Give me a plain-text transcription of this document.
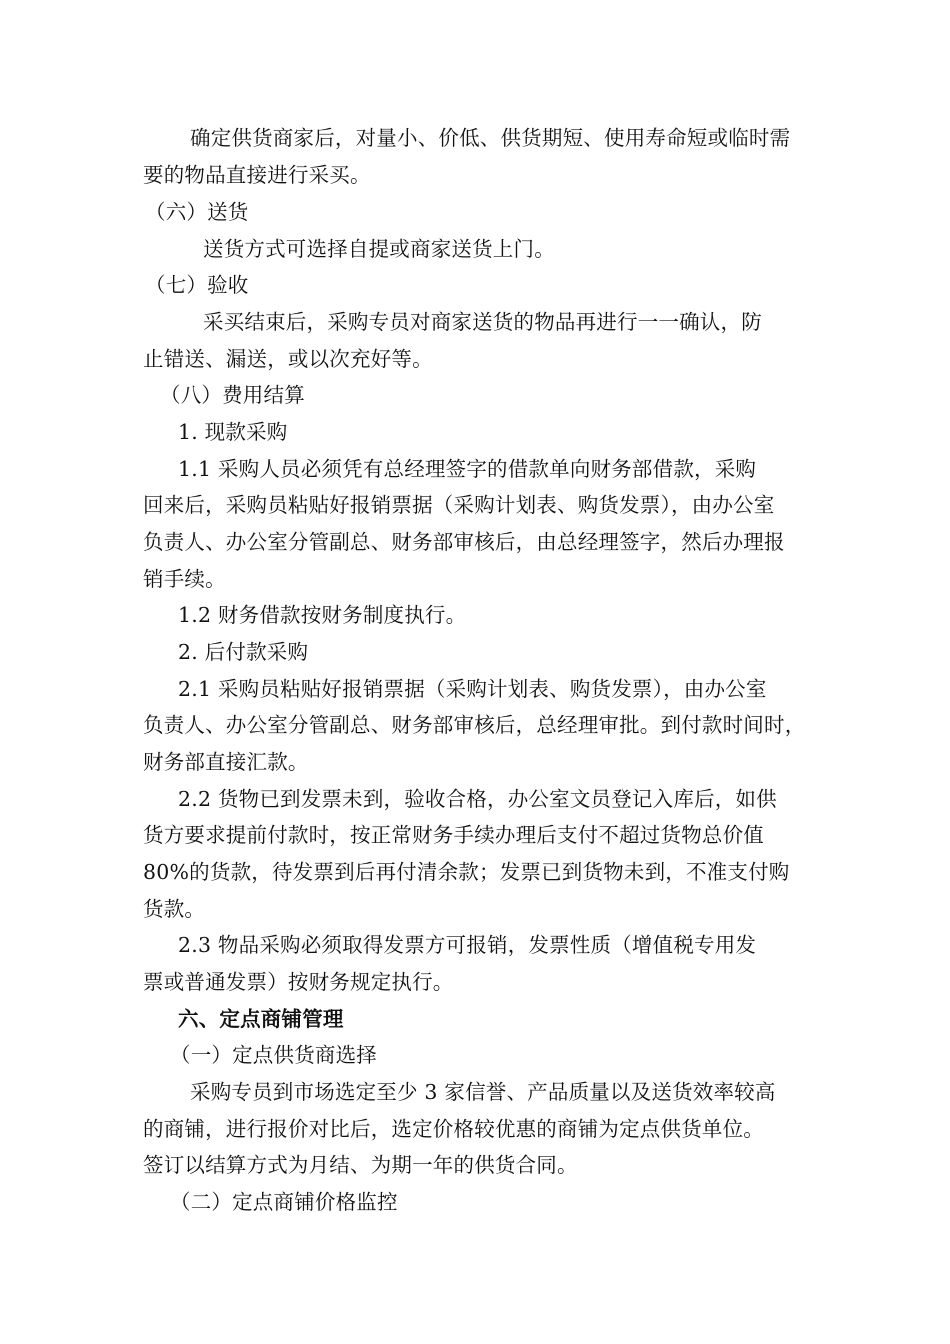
确定供货商家后，对量小、价低、供货期短、使用寿命短或临时需
要的物品直接进行采买。
（六）送货
送货方式可选择自提或商家送货上门。
（七）验收
采买结束后，采购专员对商家送货的物品再进行一一确认，防
止错送、漏送，或以次充好等。
（八）费用结算
1. 现款采购
1.1 采购人员必须凭有总经理签字的借款单向财务部借款，采购
回来后，采购员粘贴好报销票据（采购计划表、购货发票），由办公室
负责人、办公室分管副总、财务部审核后，由总经理签字，然后办理报
销手续。
1.2 财务借款按财务制度执行。
2. 后付款采购
2.1 采购员粘贴好报销票据（采购计划表、购货发票），由办公室
负责人、办公室分管副总、财务部审核后，总经理审批。到付款时间时，
财务部直接汇款。
2.2 货物已到发票未到，验收合格，办公室文员登记入库后，如供
货方要求提前付款时，按正常财务手续办理后支付不超过货物总价值
80%的货款，待发票到后再付清余款；发票已到货物未到，不准支付购
货款。
2.3 物品采购必须取得发票方可报销，发票性质（增值税专用发
票或普通发票）按财务规定执行。
六、定点商铺管理
（一）定点供货商选择
采购专员到市场选定至少 3 家信誉、产品质量以及送货效率较高
的商铺，进行报价对比后，选定价格较优惠的商铺为定点供货单位。
签订以结算方式为月结、为期一年的供货合同。
（二）定点商铺价格监控
